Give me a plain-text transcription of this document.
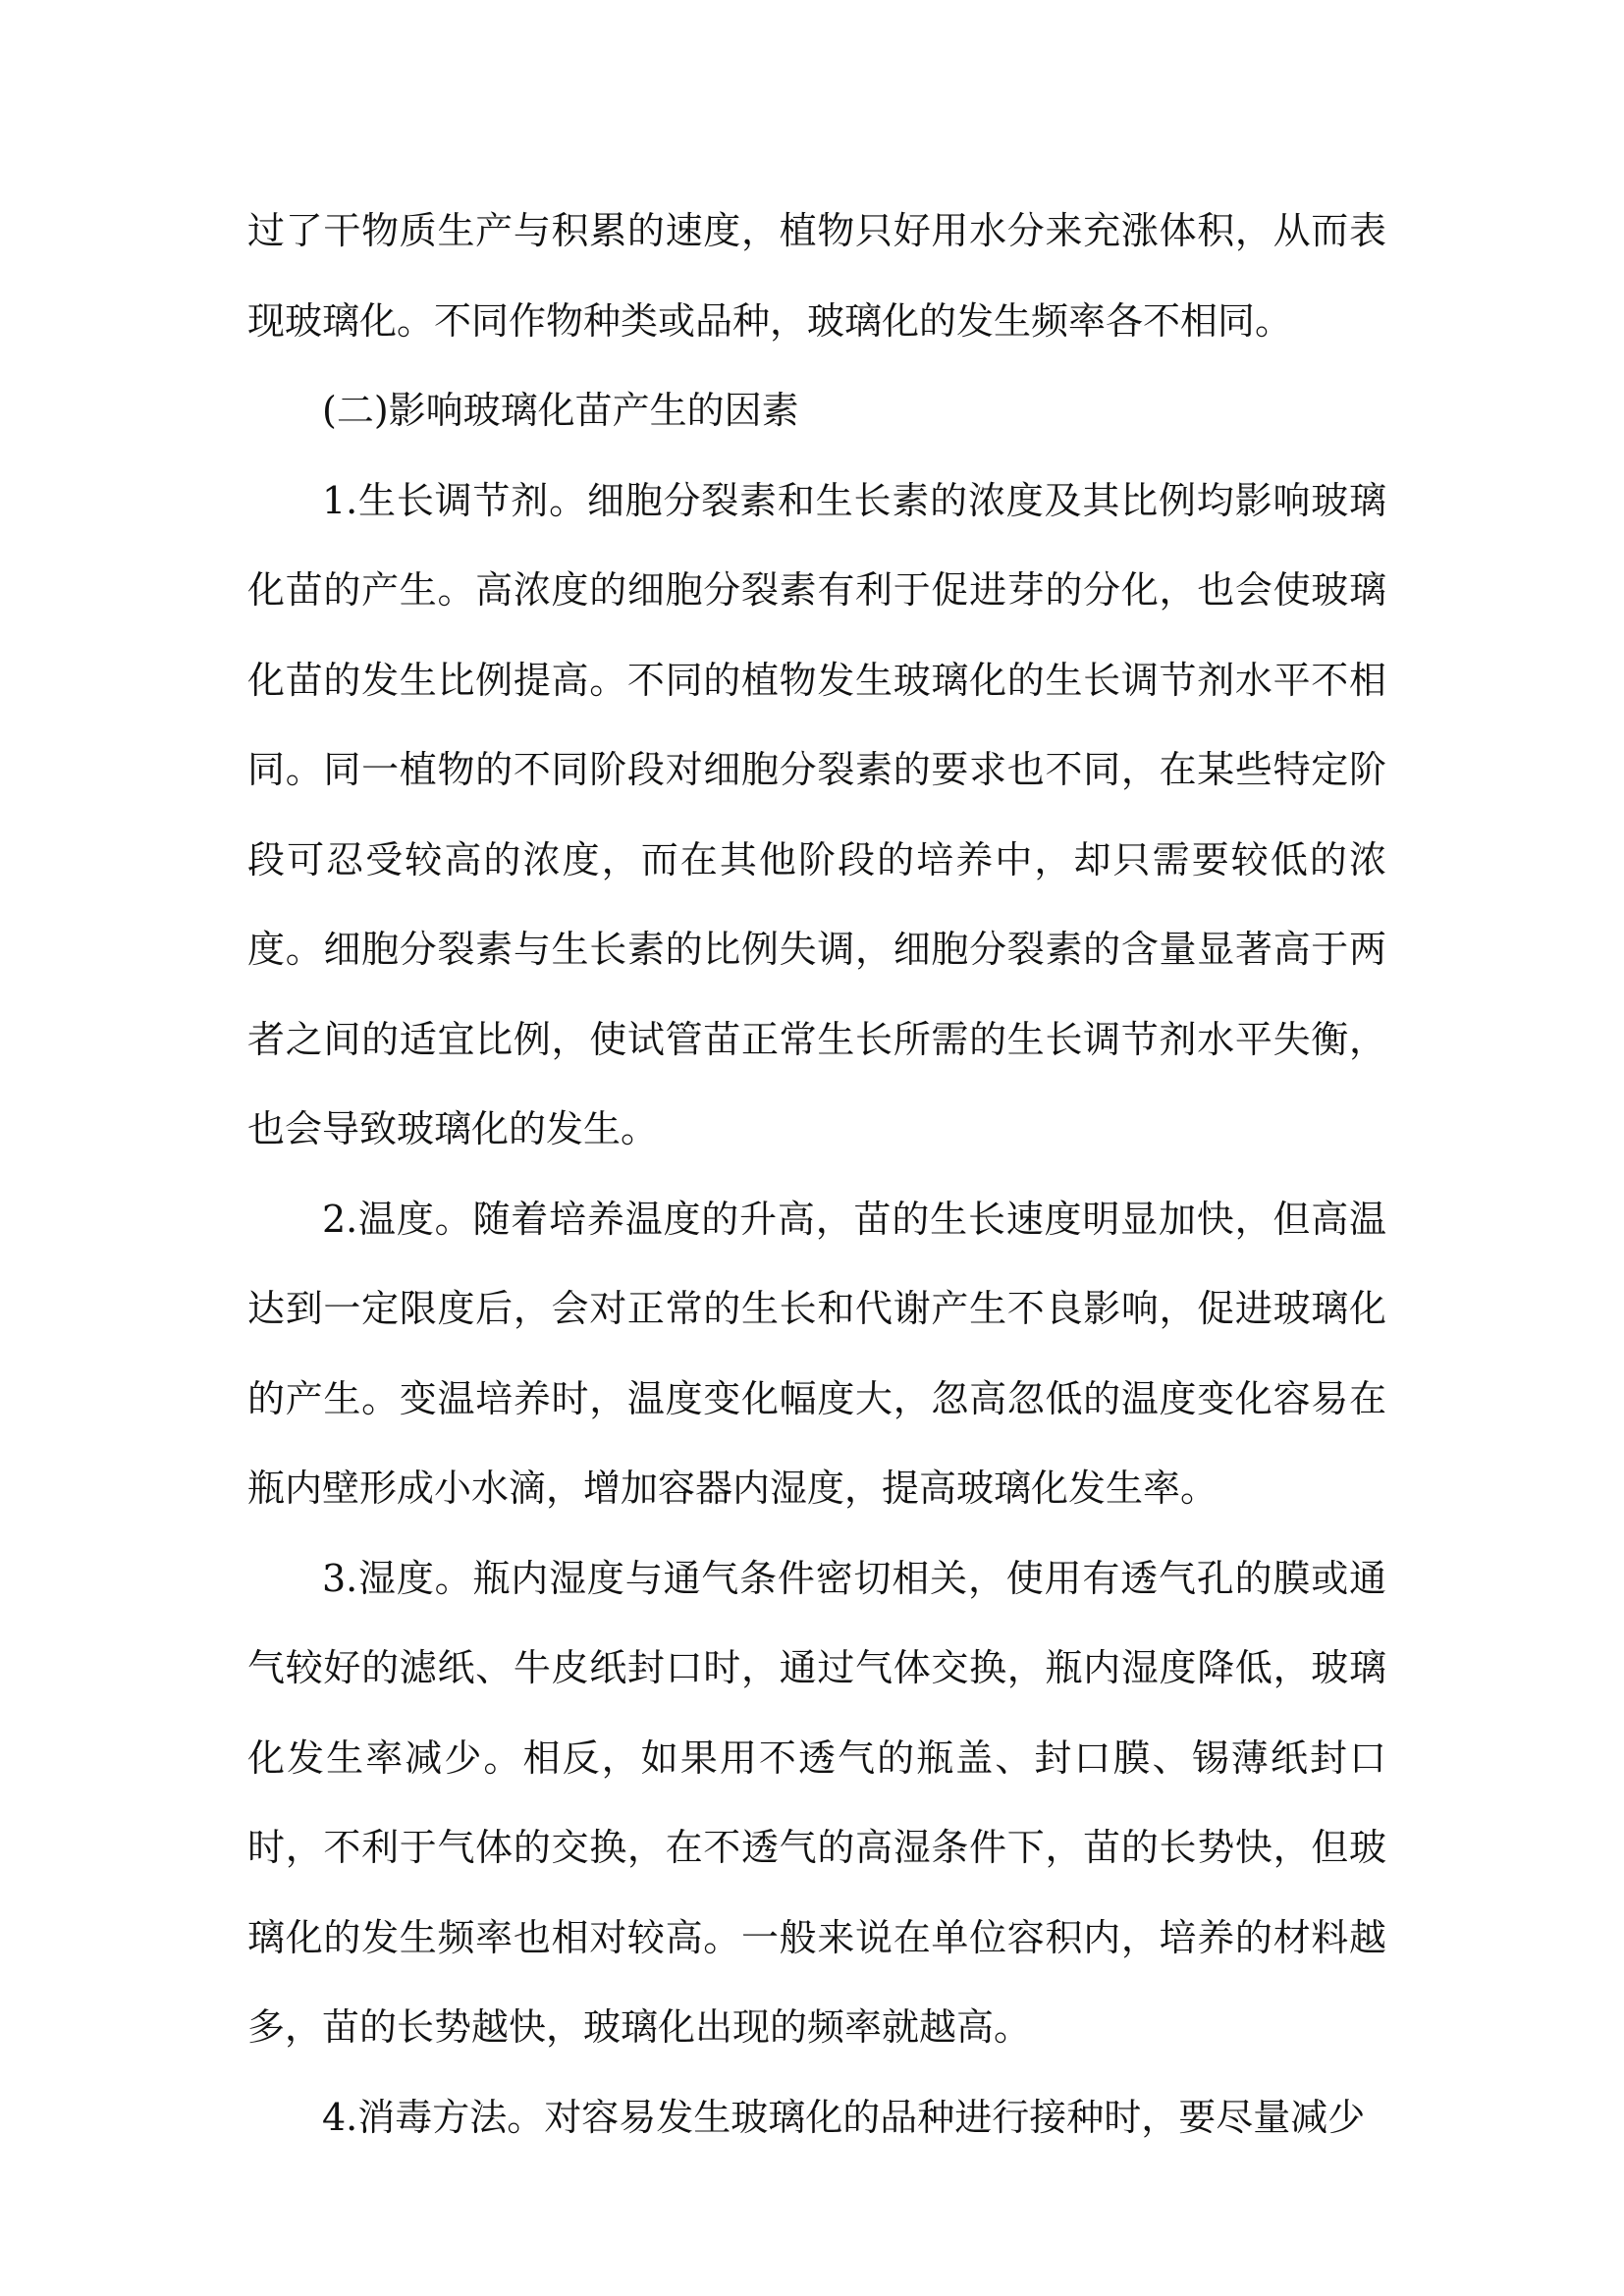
过了干物质生产与积累的速度，植物只好用水分来充涨体积，从而表现玻璃化。不同作物种类或品种，玻璃化的发生频率各不相同。

(二)影响玻璃化苗产生的因素

1.生长调节剂。细胞分裂素和生长素的浓度及其比例均影响玻璃化苗的产生。高浓度的细胞分裂素有利于促进芽的分化，也会使玻璃化苗的发生比例提高。不同的植物发生玻璃化的生长调节剂水平不相同。同一植物的不同阶段对细胞分裂素的要求也不同，在某些特定阶段可忍受较高的浓度，而在其他阶段的培养中，却只需要较低的浓度。细胞分裂素与生长素的比例失调，细胞分裂素的含量显著高于两者之间的适宜比例，使试管苗正常生长所需的生长调节剂水平失衡，也会导致玻璃化的发生。

2.温度。随着培养温度的升高，苗的生长速度明显加快，但高温达到一定限度后，会对正常的生长和代谢产生不良影响，促进玻璃化的产生。变温培养时，温度变化幅度大，忽高忽低的温度变化容易在瓶内壁形成小水滴，增加容器内湿度，提高玻璃化发生率。

3.湿度。瓶内湿度与通气条件密切相关，使用有透气孔的膜或通气较好的滤纸、牛皮纸封口时，通过气体交换，瓶内湿度降低，玻璃化发生率减少。相反，如果用不透气的瓶盖、封口膜、锡薄纸封口时，不利于气体的交换，在不透气的高湿条件下，苗的长势快，但玻璃化的发生频率也相对较高。一般来说在单位容积内，培养的材料越多，苗的长势越快，玻璃化出现的频率就越高。

4.消毒方法。对容易发生玻璃化的品种进行接种时，要尽量减少
